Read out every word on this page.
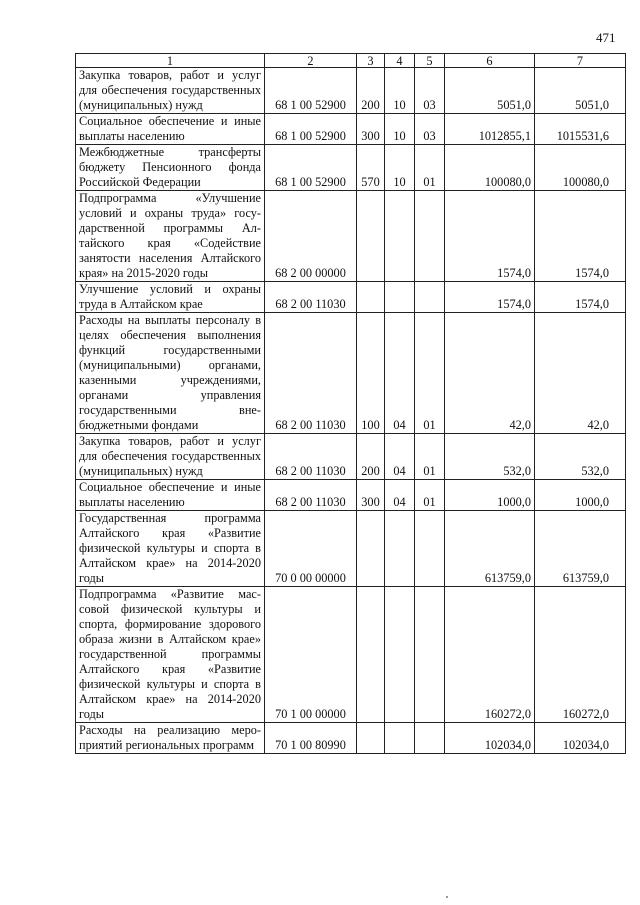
471
1	2	3	4	5	6	7
Закупка товаров, работ и услуг для обеспечения государственных (муниципальных) нужд	68 1 00 52900	200	10	03	5051,0	5051,0
Социальное обеспечение и иные выплаты населению	68 1 00 52900	300	10	03	1012855,1	1015531,6
Межбюджетные трансферты бюджету Пенсионного фонда Российской Федерации	68 1 00 52900	570	10	01	100080,0	100080,0
Подпрограмма «Улучшение условий и охраны труда» государственной программы Алтайского края «Содействие занятости населения Алтайского края» на 2015-2020 годы	68 2 00 00000				1574,0	1574,0
Улучшение условий и охраны труда в Алтайском крае	68 2 00 11030				1574,0	1574,0
Расходы на выплаты персоналу в целях обеспечения выполнения функций государственными (муниципальными) органами, казенными учреждениями, органами управления государственными внебюджетными фондами	68 2 00 11030	100	04	01	42,0	42,0
Закупка товаров, работ и услуг для обеспечения государственных (муниципальных) нужд	68 2 00 11030	200	04	01	532,0	532,0
Социальное обеспечение и иные выплаты населению	68 2 00 11030	300	04	01	1000,0	1000,0
Государственная программа Алтайского края «Развитие физической культуры и спорта в Алтайском крае» на 2014-2020 годы	70 0 00 00000				613759,0	613759,0
Подпрограмма «Развитие массовой физической культуры и спорта, формирование здорового образа жизни в Алтайском крае» государственной программы Алтайского края «Развитие физической культуры и спорта в Алтайском крае» на 2014-2020 годы	70 1 00 00000				160272,0	160272,0
Расходы на реализацию мероприятий региональных программ	70 1 00 80990				102034,0	102034,0
